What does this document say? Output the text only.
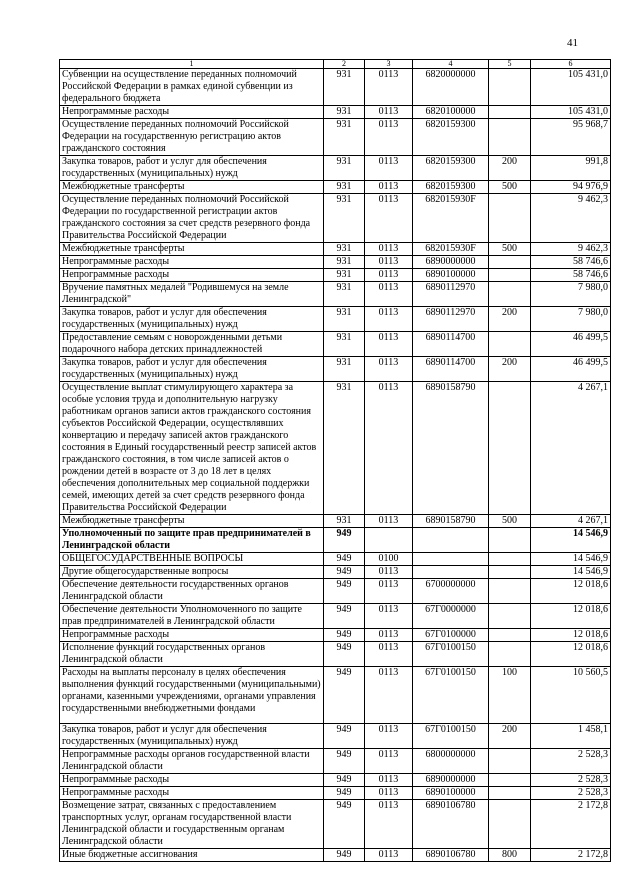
41
1	2	3	4	5	6
Субвенции на осуществление переданных полномочий Российской Федерации в рамках единой субвенции из федерального бюджета	931	0113	6820000000		105 431,0
Непрограммные расходы	931	0113	6820100000		105 431,0
Осуществление переданных полномочий Российской Федерации на государственную регистрацию актов гражданского состояния	931	0113	6820159300		95 968,7
Закупка товаров, работ и услуг для обеспечения государственных (муниципальных) нужд	931	0113	6820159300	200	991,8
Межбюджетные трансферты	931	0113	6820159300	500	94 976,9
Осуществление переданных полномочий Российской Федерации по государственной регистрации актов гражданского состояния за счет средств резервного фонда Правительства Российской Федерации	931	0113	682015930F		9 462,3
Межбюджетные трансферты	931	0113	682015930F	500	9 462,3
Непрограммные расходы	931	0113	6890000000		58 746,6
Непрограммные расходы	931	0113	6890100000		58 746,6
Вручение памятных медалей "Родившемуся на земле Ленинградской"	931	0113	6890112970		7 980,0
Закупка товаров, работ и услуг для обеспечения государственных (муниципальных) нужд	931	0113	6890112970	200	7 980,0
Предоставление семьям с новорожденными детьми подарочного набора детских принадлежностей	931	0113	6890114700		46 499,5
Закупка товаров, работ и услуг для обеспечения государственных (муниципальных) нужд	931	0113	6890114700	200	46 499,5
Осуществление выплат стимулирующего характера за особые условия труда и дополнительную нагрузку работникам органов записи актов гражданского состояния субъектов Российской Федерации, осуществлявших конвертацию и передачу записей актов гражданского состояния в Единый государственный реестр записей актов гражданского состояния, в том числе записей актов о рождении детей в возрасте от 3 до 18 лет в целях обеспечения дополнительных мер социальной поддержки семей, имеющих детей за счет средств резервного фонда Правительства Российской Федерации	931	0113	6890158790		4 267,1
Межбюджетные трансферты	931	0113	6890158790	500	4 267,1
Уполномоченный по защите прав предпринимателей в Ленинградской области	949				14 546,9
ОБЩЕГОСУДАРСТВЕННЫЕ ВОПРОСЫ	949	0100			14 546,9
Другие общегосударственные вопросы	949	0113			14 546,9
Обеспечение деятельности государственных органов Ленинградской области	949	0113	6700000000		12 018,6
Обеспечение деятельности Уполномоченного по защите прав предпринимателей в Ленинградской области	949	0113	67Г0000000		12 018,6
Непрограммные расходы	949	0113	67Г0100000		12 018,6
Исполнение функций государственных органов Ленинградской области	949	0113	67Г0100150		12 018,6
Расходы на выплаты персоналу в целях обеспечения выполнения функций государственными (муниципальными) органами, казенными учреждениями, органами управления государственными внебюджетными фондами	949	0113	67Г0100150	100	10 560,5
Закупка товаров, работ и услуг для обеспечения государственных (муниципальных) нужд	949	0113	67Г0100150	200	1 458,1
Непрограммные расходы органов государственной власти Ленинградской области	949	0113	6800000000		2 528,3
Непрограммные расходы	949	0113	6890000000		2 528,3
Непрограммные расходы	949	0113	6890100000		2 528,3
Возмещение затрат, связанных с предоставлением транспортных услуг, органам государственной власти Ленинградской области и государственным органам Ленинградской области	949	0113	6890106780		2 172,8
Иные бюджетные ассигнования	949	0113	6890106780	800	2 172,8
